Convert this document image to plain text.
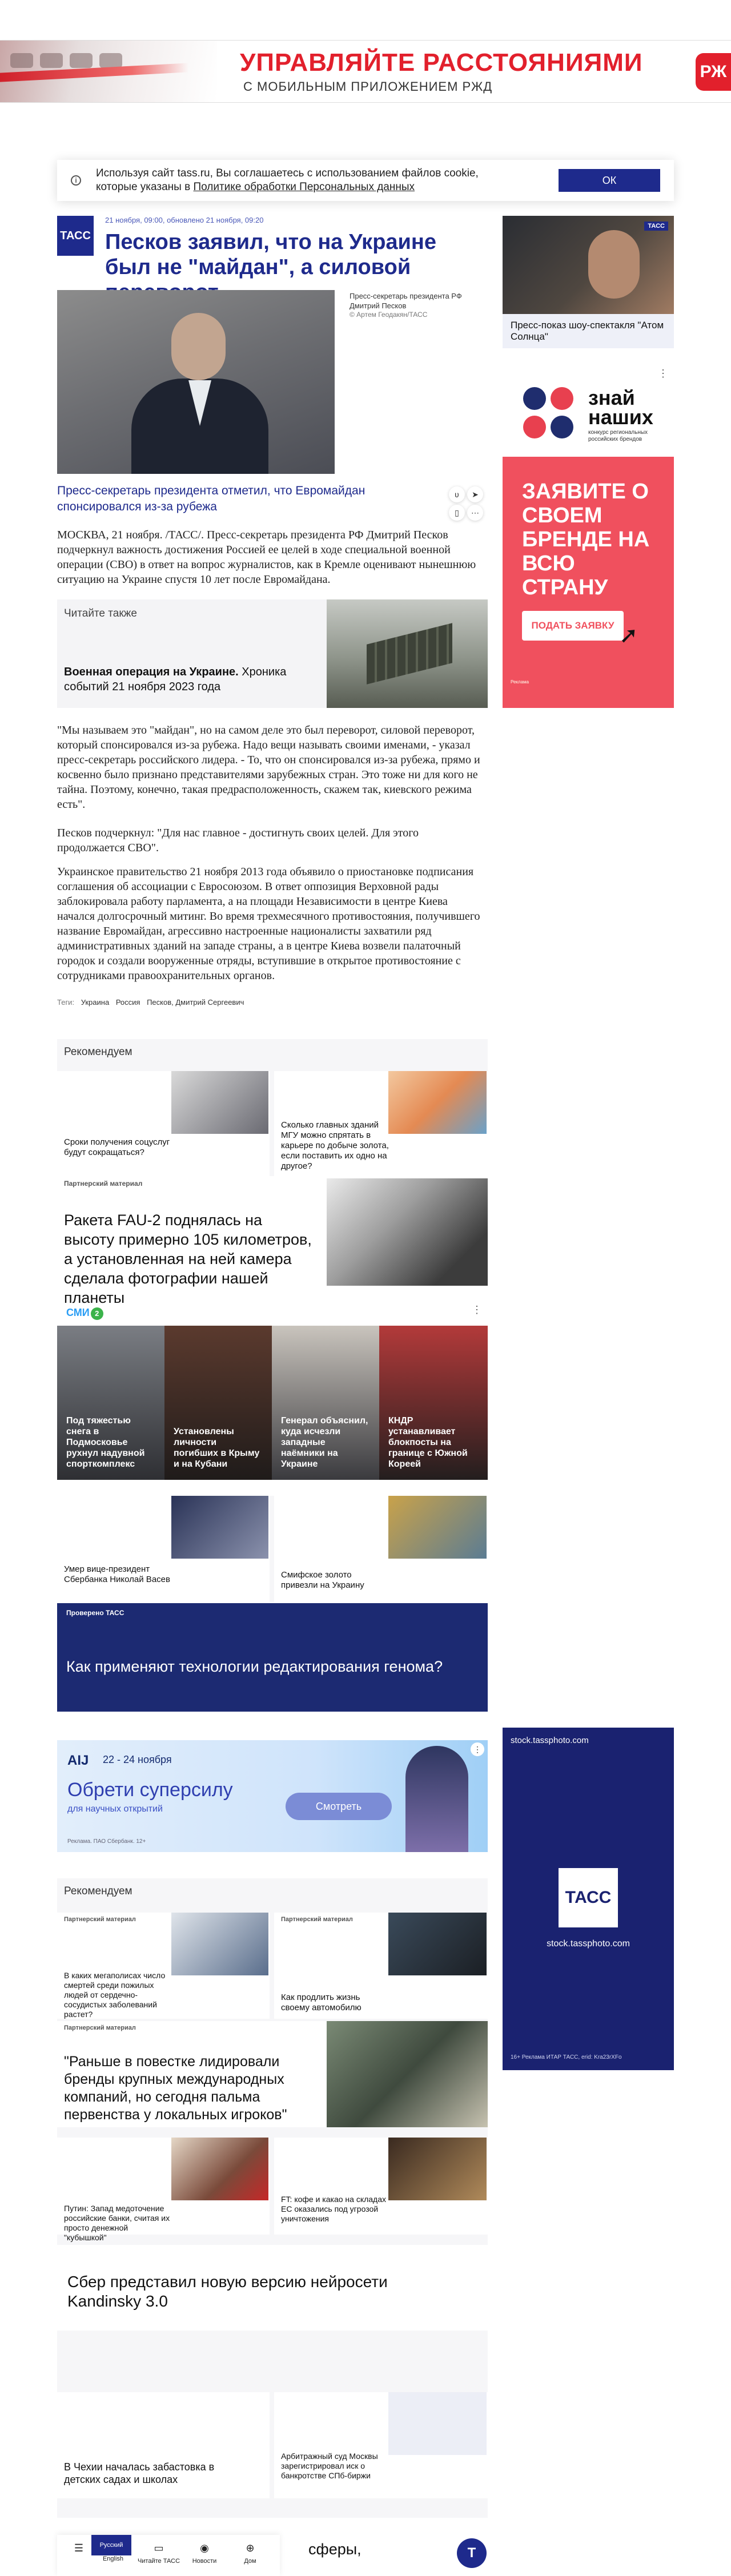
УПРАВЛЯЙТЕ РАССТОЯНИЯМИ
С МОБИЛЬНЫМ ПРИЛОЖЕНИЕМ РЖД
РЖ
i
Используя сайт tass.ru, Вы соглашаетесь с использованием файлов cookie, которые указаны в Политике обработки Персональных данных
ОК
ТАСС
21 ноября, 09:00, обновлено 21 ноября, 09:20
Песков заявил, что на Украине был не "майдан", а силовой
Пресс-секретарь президента РФ Дмитрий Песков
© Артем Геодакян/ТАСС
Пресс-секретарь президента отметил, что Евромайдан спонсировался из-за рубежа
ʋ ➤ ▯ ⋯
МОСКВА, 21 ноября. /ТАСС/. Пресс-секретарь президента РФ Дмитрий Песков подчеркнул важность достижения Россией ее целей в ходе специальной военной операции (СВО) в ответ на вопрос журналистов, как в Кремле оценивают нынешнюю ситуацию на Украине спустя 10 лет после Евромайдана.
Читайте также
Военная операция на Украине. Хроника событий 21 ноября 2023 года
"Мы называем это "майдан", но на самом деле это был переворот, силовой переворот, который спонсировался из-за рубежа. Надо вещи называть своими именами, - указал пресс-секретарь российского лидера. - То, что он спонсировался из-за рубежа, прямо и косвенно было признано представителями зарубежных стран. Это тоже ни для кого не тайна. Поэтому, конечно, такая предрасположенность, скажем так, киевского режима есть".
Песков подчеркнул: "Для нас главное - достигнуть своих целей. Для этого продолжается СВО".
Украинское правительство 21 ноября 2013 года объявило о приостановке подписания соглашения об ассоциации с Евросоюзом. В ответ оппозиция Верховной рады заблокировала работу парламента, а на площади Независимости в центре Киева начался долгосрочный митинг. Во время трехмесячного противостояния, получившего название Евромайдан, агрессивно настроенные националисты захватили ряд административных зданий на западе страны, а в центре Киева возвели палаточный городок и создали вооруженные отряды, вступившие в открытое противостояние с сотрудниками правоохранительных органов.
Теги: Украина Россия Песков, Дмитрий Сергеевич
ТАСС
Пресс-показ шоу-спектакля "Атом Солнца"
⋮
знай наших
конкурс региональных российских брендов
ЗАЯВИТЕ О СВОЕМ БРЕНДЕ НА ВСЮ СТРАНУ
ПОДАТЬ ЗАЯВКУ ➚
Реклама
Рекомендуем
Сроки получения соцуслуг будут сокращаться?
Сколько главных зданий МГУ можно спрятать в карьере по добыче золота, если поставить их одно на другое?
Партнерский материал
Ракета FAU-2 поднялась на высоту примерно 105 километров, а установленная на ней камера сделала фотографии нашей планеты
СМИ 2	⋮
Под тяжестью снега в Подмосковье рухнул надувной спорткомплекс
Установлены личности погибших в Крыму и на Кубани
Генерал объяснил, куда исчезли западные наёмники на Украине
КНДР устанавливает блокпосты на границе с Южной Кореей
Умер вице-президент Сбербанка Николай Васев	Смифское золото привезли на Украину
Проверено ТАСС
Как применяют технологии редактирования генома?
AIJ 22 - 24 ноября
Обрети суперсилу
для научных открытий	Смотреть
Реклама. ПАО Сбербанк. 12+
⋮
stock.tassphoto.com
ТАСС
stock.tassphoto.com
16+ Реклама ИТАР ТАСС, erid: Kra23rXFo
Рекомендуем
Партнерский материал
В каких мегаполисах число смертей среди пожилых людей от сердечно-сосудистых заболеваний растет?
Партнерский материал
Как продлить жизнь своему автомобилю
Партнерский материал
"Раньше в повестке лидировали бренды крупных международных компаний, но сегодня пальма первенства у локальных игроков"
Путин: Запад медоточение российские банки, считая их просто денежной "кубышкой"
FT: кофе и какао на складах ЕС оказались под угрозой уничтожения
Сбер представил новую версию нейросети Kandinsky 3.0
В Чехии началась забастовка в детских садах и школах
Арбитражный суд Москвы зарегистрировал иск о банкротстве СПб-биржи
сферы,
☰	Русский
English
▭
Читайте ТАСС
◉
Новости
⊕
Дом
Т
